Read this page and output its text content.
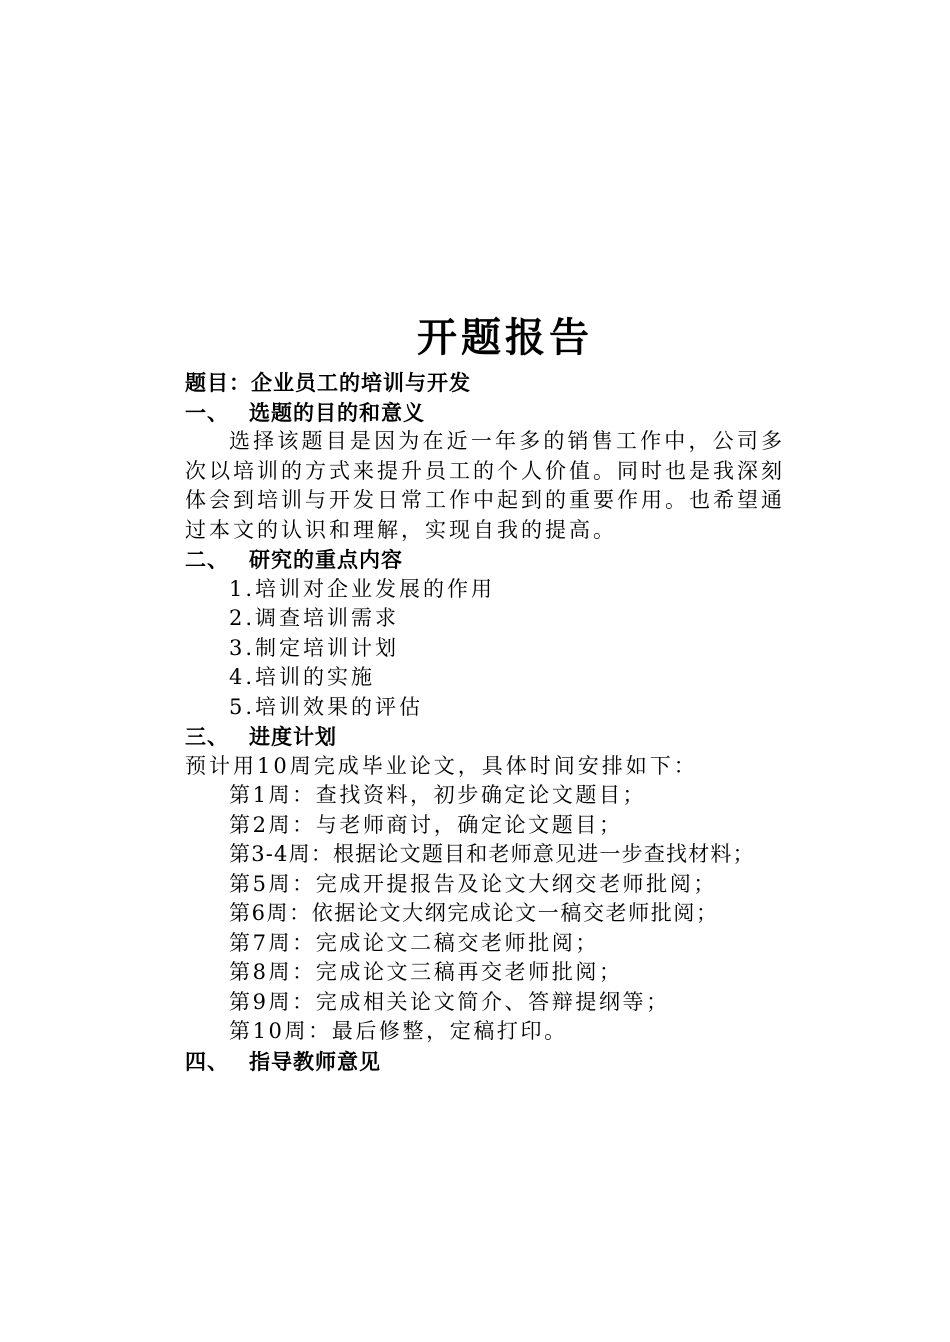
开题报告

题目：企业员工的培训与开发

一、 选题的目的和意义

选择该题目是因为在近一年多的销售工作中，公司多次以培训的方式来提升员工的个人价值。同时也是我深刻体会到培训与开发日常工作中起到的重要作用。也希望通过本文的认识和理解，实现自我的提高。

二、 研究的重点内容

1.培训对企业发展的作用

2.调查培训需求

3.制定培训计划

4.培训的实施

5.培训效果的评估

三、 进度计划

预计用10周完成毕业论文，具体时间安排如下：

第1周：查找资料，初步确定论文题目；

第2周：与老师商讨，确定论文题目；

第3-4周：根据论文题目和老师意见进一步查找材料；

第5周：完成开提报告及论文大纲交老师批阅；

第6周：依据论文大纲完成论文一稿交老师批阅；

第7周：完成论文二稿交老师批阅；

第8周：完成论文三稿再交老师批阅；

第9周：完成相关论文简介、答辩提纲等；

第10周：最后修整，定稿打印。

四、 指导教师意见
